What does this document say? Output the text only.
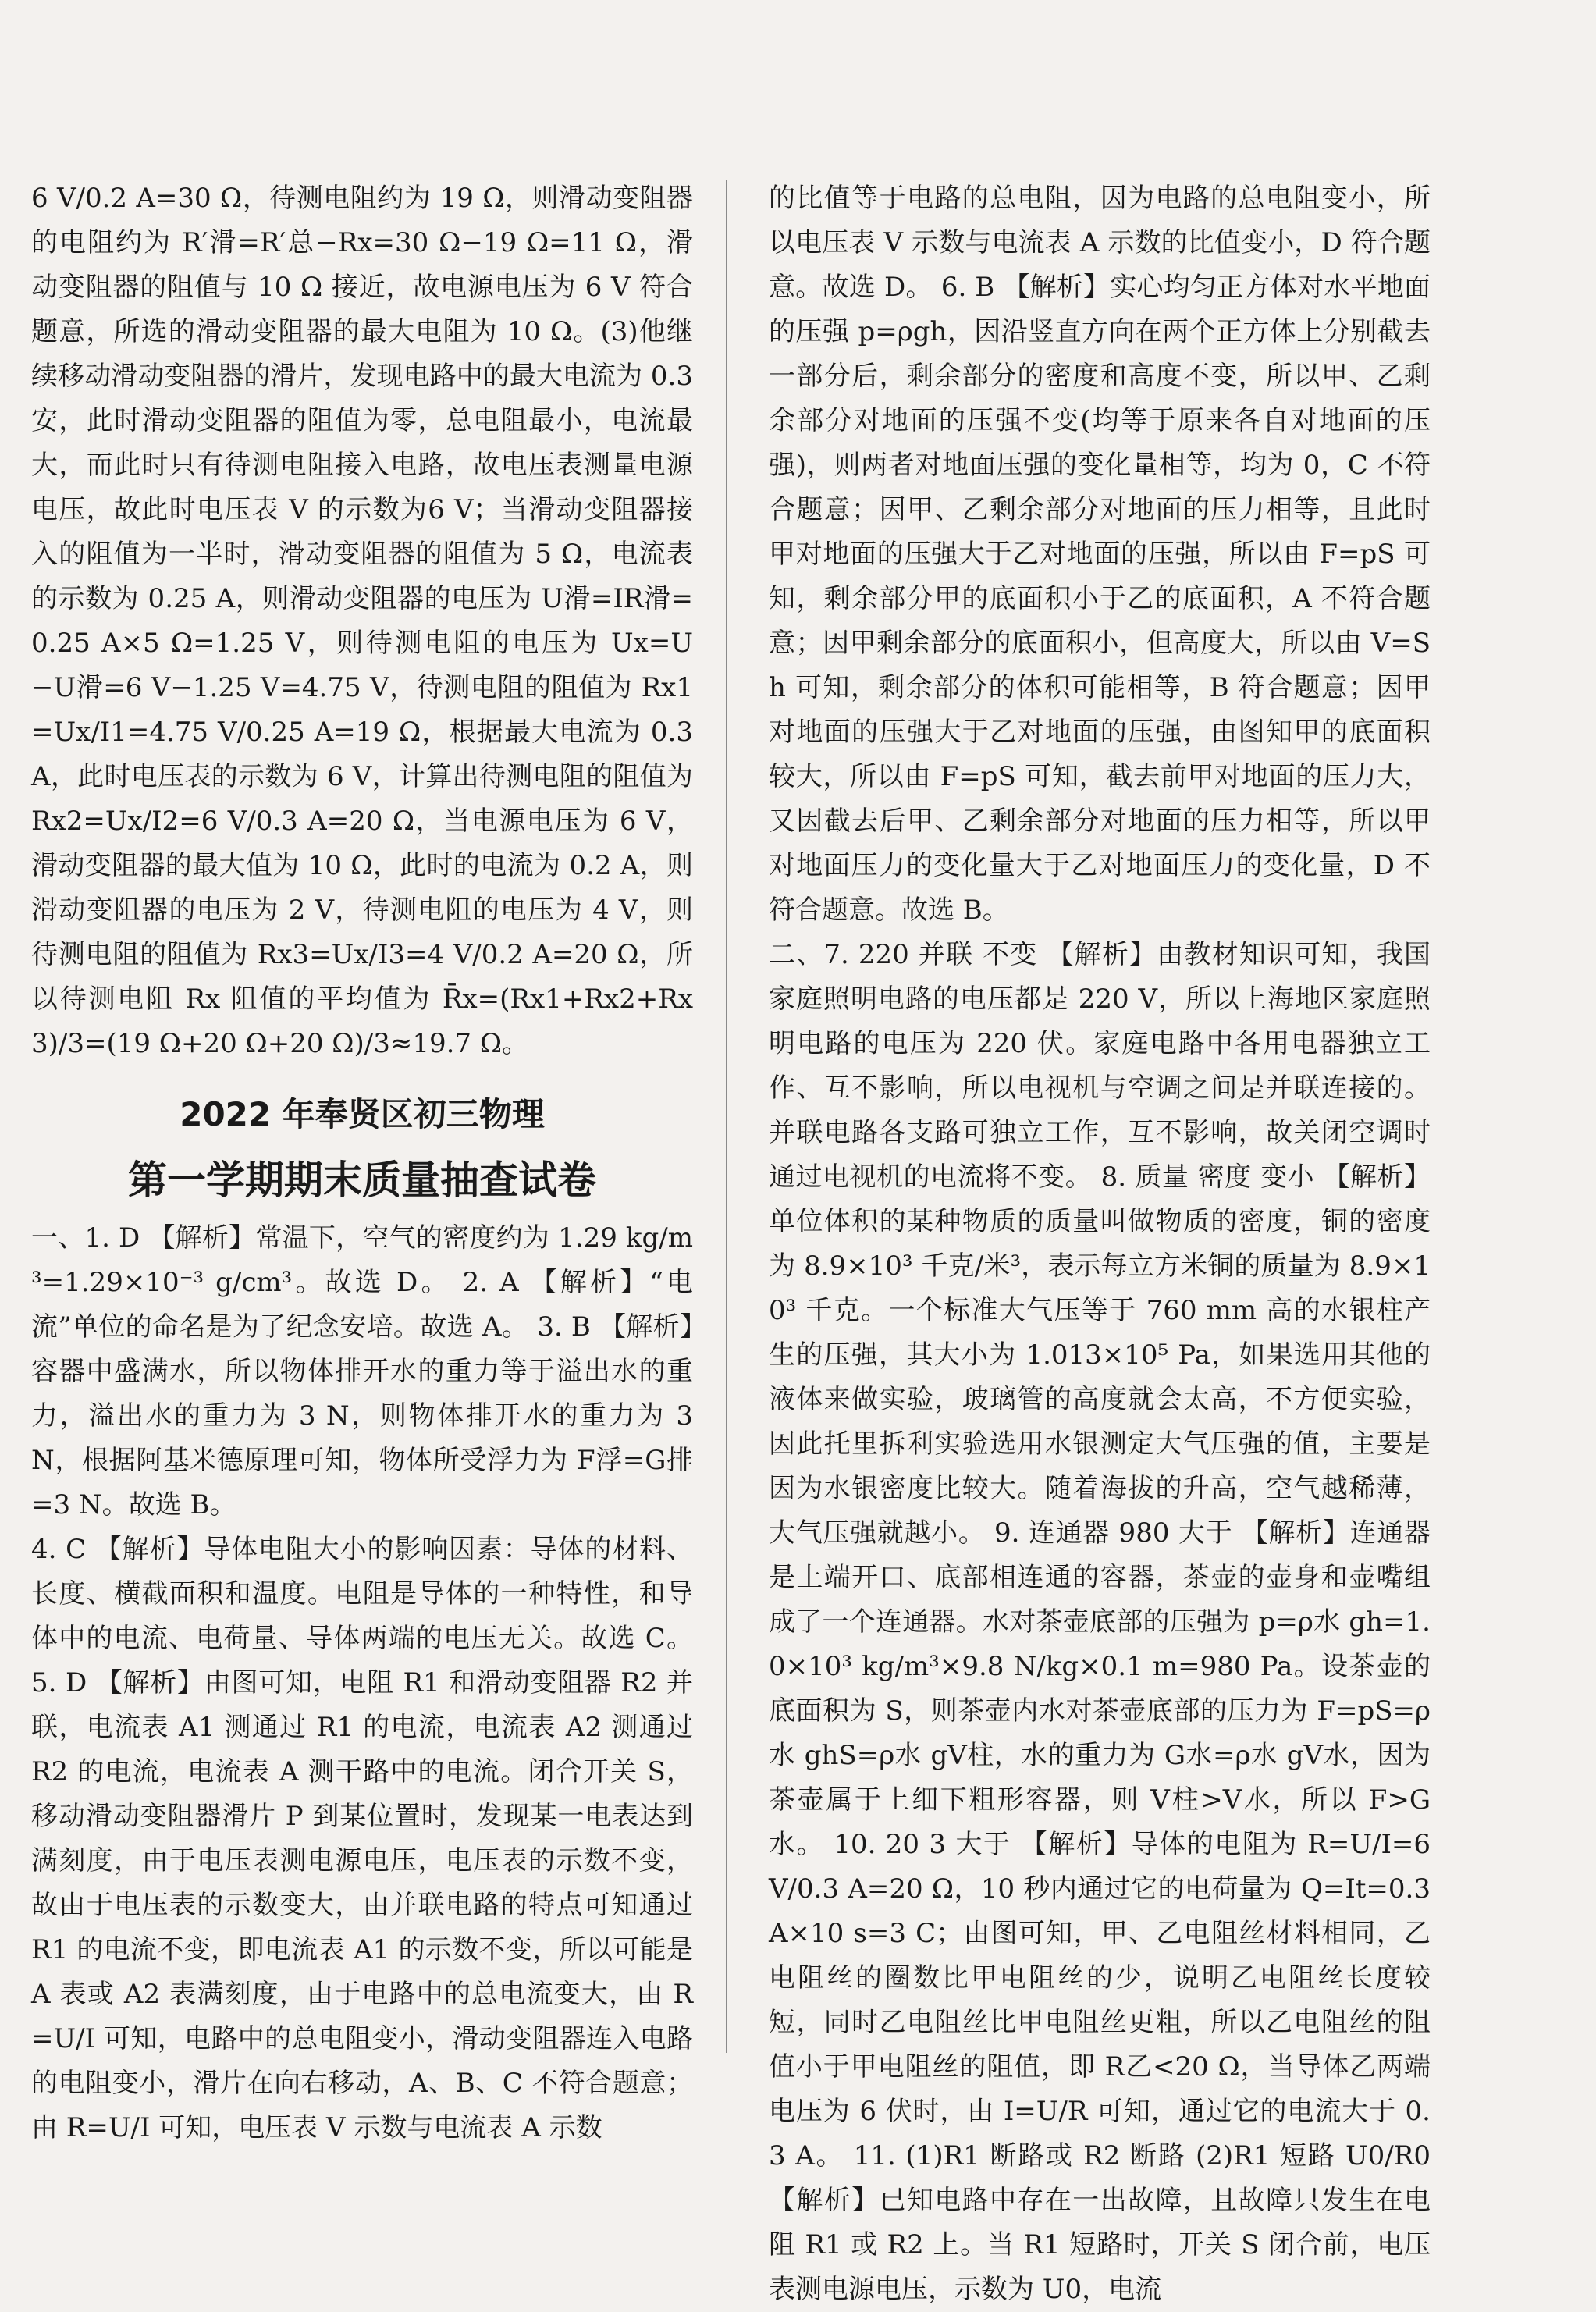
6 V/0.2 A=30 Ω，待测电阻约为 19 Ω，则滑动变阻器的电阻约为 R′滑=R′总−Rx=30 Ω−19 Ω=11 Ω，滑动变阻器的阻值与 10 Ω 接近，故电源电压为 6 V 符合题意，所选的滑动变阻器的最大电阻为 10 Ω。(3)他继续移动滑动变阻器的滑片，发现电路中的最大电流为 0.3 安，此时滑动变阻器的阻值为零，总电阻最小，电流最大，而此时只有待测电阻接入电路，故电压表测量电源电压，故此时电压表 V 的示数为6 V；当滑动变阻器接入的阻值为一半时，滑动变阻器的阻值为 5 Ω，电流表的示数为 0.25 A，则滑动变阻器的电压为 U滑=IR滑=0.25 A×5 Ω=1.25 V，则待测电阻的电压为 Ux=U−U滑=6 V−1.25 V=4.75 V，待测电阻的阻值为 Rx1=Ux/I1=4.75 V/0.25 A=19 Ω，根据最大电流为 0.3 A，此时电压表的示数为 6 V，计算出待测电阻的阻值为 Rx2=Ux/I2=6 V/0.3 A=20 Ω，当电源电压为 6 V，滑动变阻器的最大值为 10 Ω，此时的电流为 0.2 A，则滑动变阻器的电压为 2 V，待测电阻的电压为 4 V，则待测电阻的阻值为 Rx3=Ux/I3=4 V/0.2 A=20 Ω，所以待测电阻 Rx 阻值的平均值为 R̄x=(Rx1+Rx2+Rx3)/3=(19 Ω+20 Ω+20 Ω)/3≈19.7 Ω。

2022 年奉贤区初三物理
第一学期期末质量抽查试卷

一、1. D 【解析】常温下，空气的密度约为 1.29 kg/m³=1.29×10⁻³ g/cm³。故选 D。 2. A 【解析】“电流”单位的命名是为了纪念安培。故选 A。 3. B 【解析】容器中盛满水，所以物体排开水的重力等于溢出水的重力，溢出水的重力为 3 N，则物体排开水的重力为 3 N，根据阿基米德原理可知，物体所受浮力为 F浮=G排=3 N。故选 B。

4. C 【解析】导体电阻大小的影响因素：导体的材料、长度、横截面积和温度。电阻是导体的一种特性，和导体中的电流、电荷量、导体两端的电压无关。故选 C。 5. D 【解析】由图可知，电阻 R1 和滑动变阻器 R2 并联，电流表 A1 测通过 R1 的电流，电流表 A2 测通过 R2 的电流，电流表 A 测干路中的电流。闭合开关 S，移动滑动变阻器滑片 P 到某位置时，发现某一电表达到满刻度，由于电压表测电源电压，电压表的示数不变，故由于电压表的示数变大，由并联电路的特点可知通过 R1 的电流不变，即电流表 A1 的示数不变，所以可能是 A 表或 A2 表满刻度，由于电路中的总电流变大，由 R=U/I 可知，电路中的总电阻变小，滑动变阻器连入电路的电阻变小，滑片在向右移动，A、B、C 不符合题意；由 R=U/I 可知，电压表 V 示数与电流表 A 示数

的比值等于电路的总电阻，因为电路的总电阻变小，所以电压表 V 示数与电流表 A 示数的比值变小，D 符合题意。故选 D。 6. B 【解析】实心均匀正方体对水平地面的压强 p=ρgh，因沿竖直方向在两个正方体上分别截去一部分后，剩余部分的密度和高度不变，所以甲、乙剩余部分对地面的压强不变(均等于原来各自对地面的压强)，则两者对地面压强的变化量相等，均为 0，C 不符合题意；因甲、乙剩余部分对地面的压力相等，且此时甲对地面的压强大于乙对地面的压强，所以由 F=pS 可知，剩余部分甲的底面积小于乙的底面积，A 不符合题意；因甲剩余部分的底面积小，但高度大，所以由 V=Sh 可知，剩余部分的体积可能相等，B 符合题意；因甲对地面的压强大于乙对地面的压强，由图知甲的底面积较大，所以由 F=pS 可知，截去前甲对地面的压力大，又因截去后甲、乙剩余部分对地面的压力相等，所以甲对地面压力的变化量大于乙对地面压力的变化量，D 不符合题意。故选 B。

二、7. 220 并联 不变 【解析】由教材知识可知，我国家庭照明电路的电压都是 220 V，所以上海地区家庭照明电路的电压为 220 伏。家庭电路中各用电器独立工作、互不影响，所以电视机与空调之间是并联连接的。并联电路各支路可独立工作，互不影响，故关闭空调时通过电视机的电流将不变。 8. 质量 密度 变小 【解析】单位体积的某种物质的质量叫做物质的密度，铜的密度为 8.9×10³ 千克/米³，表示每立方米铜的质量为 8.9×10³ 千克。一个标准大气压等于 760 mm 高的水银柱产生的压强，其大小为 1.013×10⁵ Pa，如果选用其他的液体来做实验，玻璃管的高度就会太高，不方便实验，因此托里拆利实验选用水银测定大气压强的值，主要是因为水银密度比较大。随着海拔的升高，空气越稀薄，大气压强就越小。 9. 连通器 980 大于 【解析】连通器是上端开口、底部相连通的容器，茶壶的壶身和壶嘴组成了一个连通器。水对茶壶底部的压强为 p=ρ水 gh=1.0×10³ kg/m³×9.8 N/kg×0.1 m=980 Pa。设茶壶的底面积为 S，则茶壶内水对茶壶底部的压力为 F=pS=ρ水 ghS=ρ水 gV柱，水的重力为 G水=ρ水 gV水，因为茶壶属于上细下粗形容器，则 V柱>V水，所以 F>G水。 10. 20 3 大于 【解析】导体的电阻为 R=U/I=6 V/0.3 A=20 Ω，10 秒内通过它的电荷量为 Q=It=0.3 A×10 s=3 C；由图可知，甲、乙电阻丝材料相同，乙电阻丝的圈数比甲电阻丝的少，说明乙电阻丝长度较短，同时乙电阻丝比甲电阻丝更粗，所以乙电阻丝的阻值小于甲电阻丝的阻值，即 R乙<20 Ω，当导体乙两端电压为 6 伏时，由 I=U/R 可知，通过它的电流大于 0.3 A。 11. (1)R1 断路或 R2 断路 (2)R1 短路 U0/R0 【解析】已知电路中存在一出故障，且故障只发生在电阻 R1 或 R2 上。当 R1 短路时，开关 S 闭合前，电压表测电源电压，示数为 U0，电流
